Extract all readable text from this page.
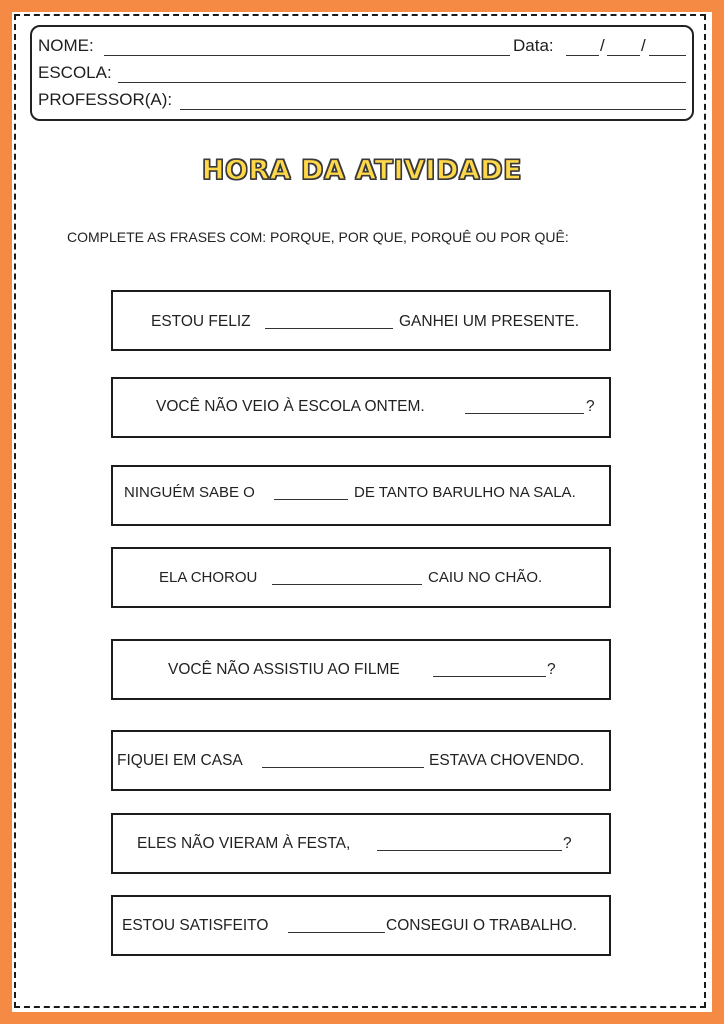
NOME:	Data:	/ /
ESCOLA:
PROFESSOR(A):
HORA DA ATIVIDADE
COMPLETE AS FRASES COM: PORQUE, POR QUE, PORQUÊ OU POR QUÊ:
ESTOU FELIZ	GANHEI UM PRESENTE.
VOCÊ NÃO VEIO À ESCOLA ONTEM.	?
NINGUÉM SABE O	DE TANTO BARULHO NA SALA.
ELA CHOROU	CAIU NO CHÃO.
VOCÊ NÃO ASSISTIU AO FILME	?
FIQUEI EM CASA	ESTAVA CHOVENDO.
ELES NÃO VIERAM À FESTA,	?
ESTOU SATISFEITO	CONSEGUI O TRABALHO.
